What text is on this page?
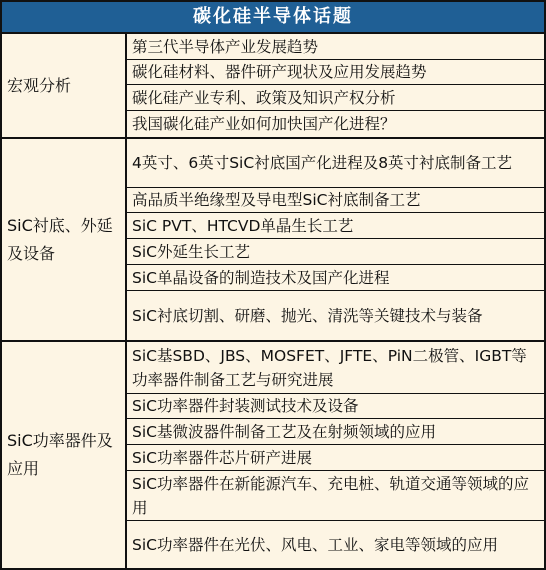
碳化硅半导体话题
宏观分析
第三代半导体产业发展趋势
碳化硅材料、器件研产现状及应用发展趋势
碳化硅产业专利、政策及知识产权分析
我国碳化硅产业如何加快国产化进程？
SiC衬底、外延及设备
4英寸、6英寸SiC衬底国产化进程及8英寸衬底制备工艺
高品质半绝缘型及导电型SiC衬底制备工艺
SiC PVT、HTCVD单晶生长工艺
SiC外延生长工艺
SiC单晶设备的制造技术及国产化进程
SiC衬底切割、研磨、抛光、清洗等关键技术与装备
SiC功率器件及应用
SiC基SBD、JBS、MOSFET、JFTE、PiN二极管、IGBT等功率器件制备工艺与研究进展
SiC功率器件封装测试技术及设备
SiC基微波器件制备工艺及在射频领域的应用
SiC功率器件芯片研产进展
SiC功率器件在新能源汽车、充电桩、轨道交通等领域的应用
SiC功率器件在光伏、风电、工业、家电等领域的应用
